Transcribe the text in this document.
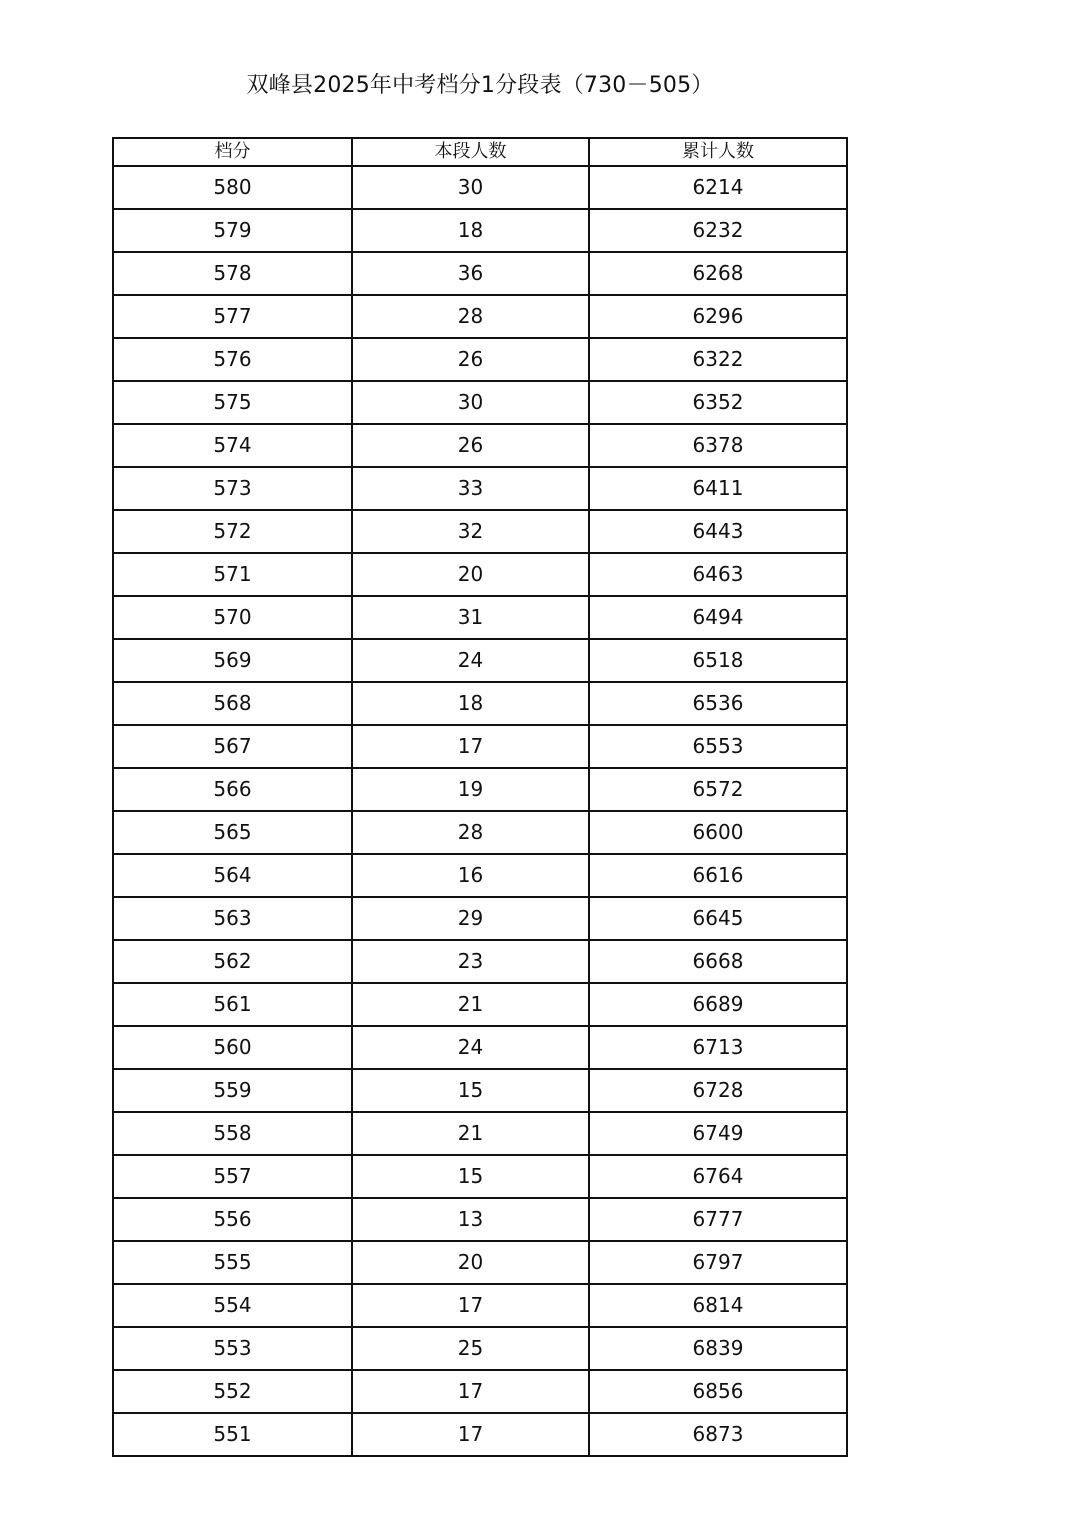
双峰县2025年中考档分1分段表（730－505）
档分	本段人数	累计人数
580	30	6214
579	18	6232
578	36	6268
577	28	6296
576	26	6322
575	30	6352
574	26	6378
573	33	6411
572	32	6443
571	20	6463
570	31	6494
569	24	6518
568	18	6536
567	17	6553
566	19	6572
565	28	6600
564	16	6616
563	29	6645
562	23	6668
561	21	6689
560	24	6713
559	15	6728
558	21	6749
557	15	6764
556	13	6777
555	20	6797
554	17	6814
553	25	6839
552	17	6856
551	17	6873
